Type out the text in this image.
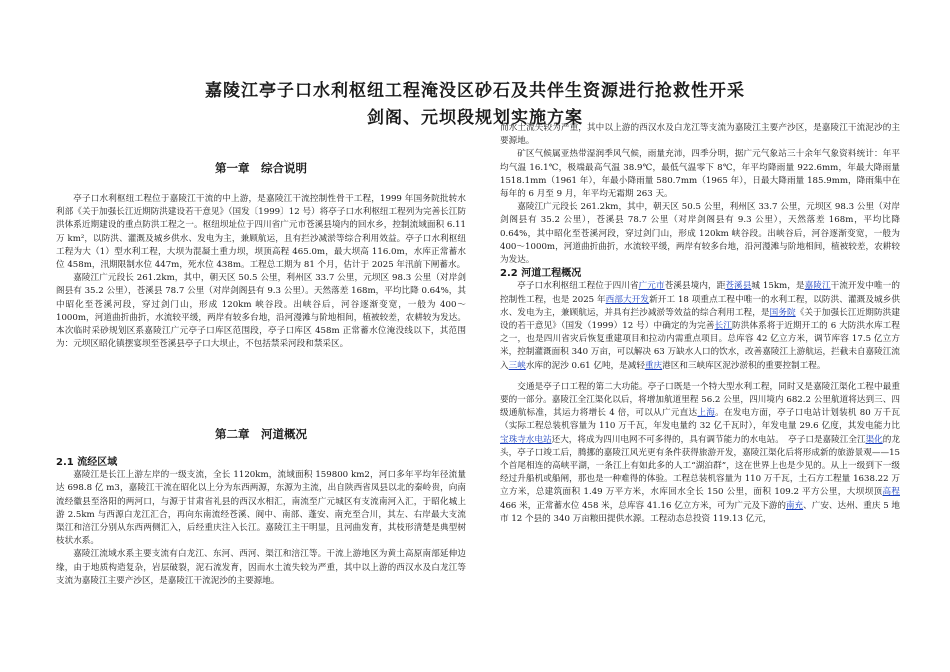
嘉陵江亭子口水利枢纽工程淹没区砂石及共伴生资源进行抢救性开采
剑阁、元坝段规划实施方案
第一章　综合说明

亭子口水利枢纽工程位于嘉陵江干流的中上游，是嘉陵江干流控制性骨干工程，1999 年国务院批转水利部《关于加强长江近期防洪建设若干意见》（国发〔1999〕12 号）将亭子口水利枢纽工程列为完善长江防洪体系近期建设的重点防洪工程之一。枢纽坝址位于四川省广元市苍溪县境内的回水乡，控制流域面积 6.11 万 km²，以防洪、灌溉及城乡供水、发电为主，兼顾航运，且有拦沙减淤等综合利用效益。亭子口水利枢纽工程为大（1）型水利工程，大坝为混凝土重力坝，坝顶高程 465.0m，最大坝高 116.0m，水库正常蓄水位 458m，汛期限制水位 447m，死水位 438m。工程总工期为 81 个月，估计于 2025 年汛前下闸蓄水。

嘉陵江广元段长 261.2km，其中，朝天区 50.5 公里，利州区 33.7 公里，元坝区 98.3 公里（对岸剑阁县有 35.2 公里），苍溪县 78.7 公里（对岸剑阁县有 9.3 公里）。天然落差 168m，平均比降 0.64%，其中昭化至苍溪河段，穿过剑门山，形成 120km 峡谷段。出峡谷后，河谷逐渐变宽，一般为 400～1000m，河道曲折曲折，水流较平缓，两岸有较多台地，沿河漫滩与阶地相间，植被较差，农耕较为发达。本次临时采砂规划区系嘉陵江广元亭子口库区范围段，亭子口库区 458m 正常蓄水位淹没线以下，其范围为：元坝区昭化镇摆宴坝至苍溪县亭子口大坝止，不包括禁采河段和禁采区。

2.1 流经区域

嘉陵江是长江上游左岸的一级支流，全长 1120km，流域面积 159800 km2，河口多年平均年径流量达 698.8 亿 m3，嘉陵江干流在昭化以上分为东西两源，东源为主流，出自陕西省凤县以北的秦岭贵，向南流经徽县至洛阳的两河口，与源于甘肃省礼县的西汉水相汇，南流至广元城区有支流南河入汇，于昭化城上游 2.5km 与西源白龙江汇合，再向东南流经苍溪、阆中、南部、蓬安、南充至合川，其左、右岸最大支流渠江和涪江分别从东西两侧汇入，后经重庆注入长江。嘉陵江主干明显，且河曲发育，其枝形清楚是典型树枝状水系。

嘉陵江流域水系主要支流有白龙江、东河、西河、渠江和涪江等。干流上游地区为黄土高原南部延伸边缘，由于地质构造复杂，岩层破裂，泥石流发育，因而水土流失较为严重，其中以上游的西汉水及白龙江等支流为嘉陵江主要产沙区，是嘉陵江干流泥沙的主要源地。

第二章　河道概况

而水土流失较为严重，其中以上游的西汉水及白龙江等支流为嘉陵江主要产沙区，是嘉陵江干流泥沙的主要源地。

矿区气候属亚热带湿润季风气候，雨量充沛，四季分明，据广元气象站三十余年气象资料统计：年平均气温 16.1℃，极端最高气温 38.9℃，最低气温零下 8℃，年平均降雨量 922.6mm，年最大降雨量 1518.1mm（1961 年），年最小降雨量 580.7mm（1965 年），日最大降雨量 185.9mm，降雨集中在每年的 6 月至 9 月，年平均无霜期 263 天。

嘉陵江广元段长 261.2km，其中，朝天区 50.5 公里，利州区 33.7 公里，元坝区 98.3 公里（对岸剑阁县有 35.2 公里），苍溪县 78.7 公里（对岸剑阁县有 9.3 公里），天然落差 168m，平均比降 0.64%，其中昭化至苍溪河段，穿过剑门山，形成 120km 峡谷段。出峡谷后，河谷逐渐变宽，一般为 400～1000m，河道曲折曲折，水流较平缓，两岸有较多台地，沿河漫滩与阶地相间，植被较差，农耕较为发达。

2.2 河道工程概况

亭子口水利枢纽工程位于四川省广元市苍溪县境内，距苍溪县城 15km，是嘉陵江干流开发中唯一的控制性工程，也是 2025 年西部大开发新开工 18 项重点工程中唯一的水利工程，以防洪、灌溉及城乡供水、发电为主，兼顾航运，并具有拦沙减淤等效益的综合利用工程，是国务院《关于加强长江近期防洪建设的若干意见》（国发（1999）12 号）中确定的为完善长江防洪体系将于近期开工的 6 大防洪水库工程之一，也是四川省灾后恢复重建项目和拉动内需重点项目。总库容 42 亿立方米，调节库容 17.5 亿立方米，控制灌溉面积 340 万亩，可以解决 63 万缺水人口的饮水，改善嘉陵江上游航运，拦截未自嘉陵江流入三峡水库的泥沙 0.61 亿吨，是减轻重庆港区和三峡库区泥沙淤积的重要控制工程。

交通是亭子口工程的第二大功能。亭子口既是一个特大型水利工程，同时又是嘉陵江渠化工程中最重要的一部分。嘉陵江全江渠化以后，将增加航道里程 56.2 公里，四川境内 682.2 公里航道将达到三、四级通航标准，其运力将增长 4 倍，可以从广元直达上海。在发电方面，亭子口电站计划装机 80 万千瓦（实际工程总装机容量为 110 万千瓦，年发电量约 32 亿千瓦时），年发电量 29.6 亿度，其发电能力比宝珠寺水电站还大，将成为四川电网不可多得的，具有调节能力的水电站。　亭子口是嘉陵江全江渠化的龙头，亭子口竣工后，腾挪的嘉陵江风光更有条件获得旅游开发，嘉陵江渠化后将形成新的旅游景观——15 个首尾相连的高峡平湖，一条江上有如此多的人工“湖泊群”，这在世界上也是少见的。从上一级到下一级经过升船机或船闸，那也是一种难得的体验。工程总装机容量为 110 万千瓦，土石方工程量 1638.22 万立方米，总建筑面积 1.49 万平方米，水库回水全长 150 公里，面积 109.2 平方公里，大坝坝顶高程 466 米，正常蓄水位 458 米，总库容 41.16 亿立方米，可为广元及下游的南充、广安、达州、重庆 5 地市 12 个县的 340 万亩粮田提供水源。工程动态总投资 119.13 亿元，
